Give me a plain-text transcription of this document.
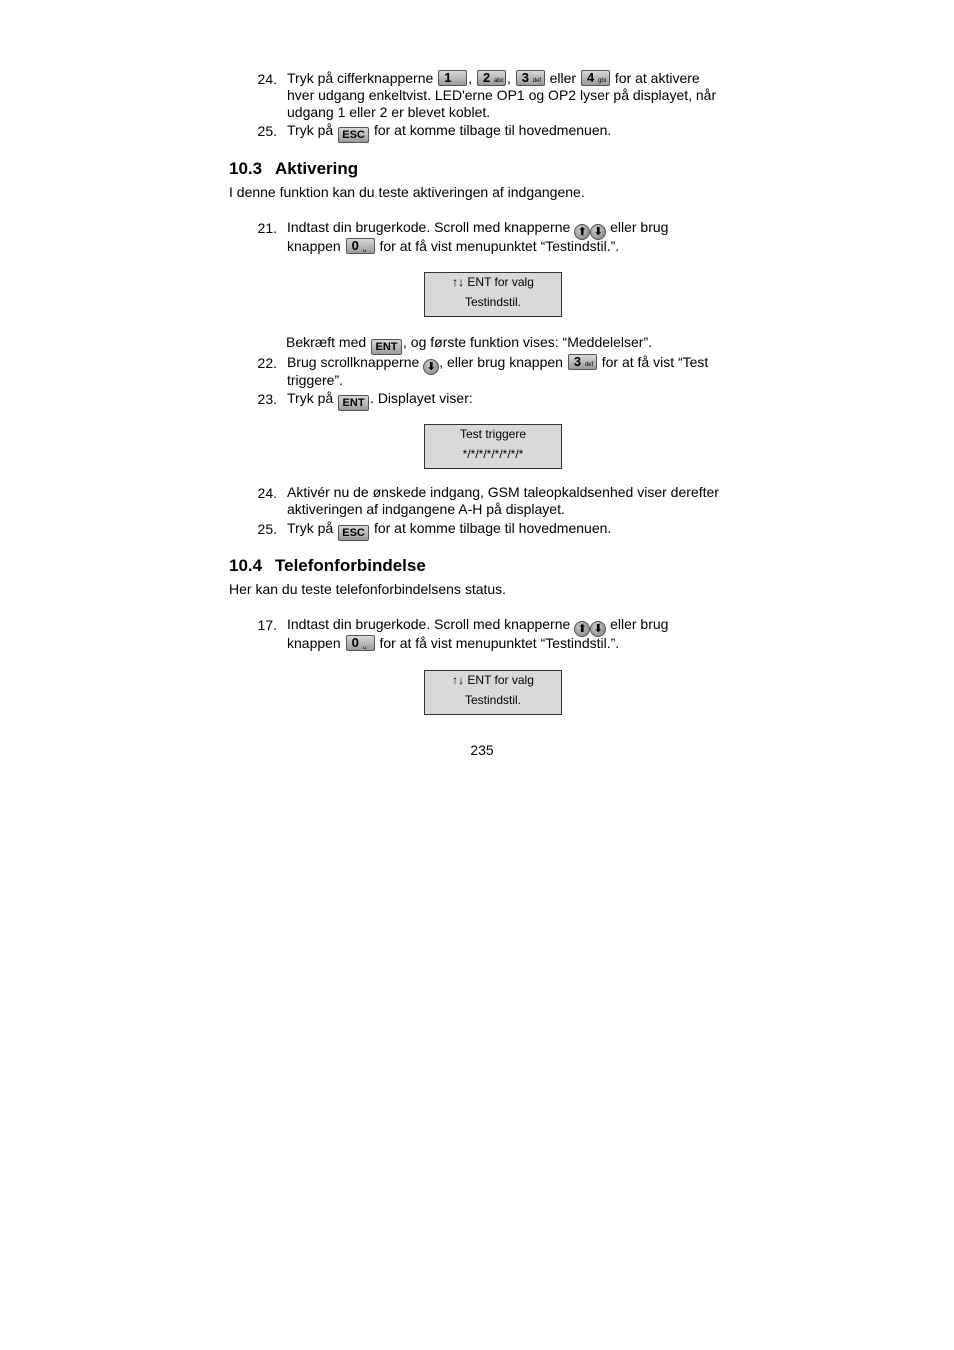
24. Tryk på cifferknapperne 1 , 2 abc , 3 def eller 4 ghi for at aktivere
hver udgang enkeltvist. LED'erne OP1 og OP2 lyser på displayet, når
udgang 1 eller 2 er blevet koblet.
25. Tryk på ESC for at komme tilbage til hovedmenuen.
10.3 Aktivering
I denne funktion kan du teste aktiveringen af indgangene.
21. Indtast din brugerkode. Scroll med knapperne ⬆ ⬇ eller brug
knappen 0 ␣ for at få vist menupunktet “Testindstil.”.
↑↓ ENT for valg
Testindstil.
Bekræft med ENT , og første funktion vises: “Meddelelser”.
22. Brug scrollknapperne ⬇ , eller brug knappen 3 def for at få vist “Test
triggere”.
23. Tryk på ENT . Displayet viser:
Test triggere
*/*/*/*/*/*/*/*
24. Aktivér nu de ønskede indgang, GSM taleopkaldsenhed viser derefter
aktiveringen af indgangene A-H på displayet.
25. Tryk på ESC for at komme tilbage til hovedmenuen.
10.4 Telefonforbindelse
Her kan du teste telefonforbindelsens status.
17. Indtast din brugerkode. Scroll med knapperne ⬆ ⬇ eller brug
knappen 0 ␣ for at få vist menupunktet “Testindstil.”.
↑↓ ENT for valg
Testindstil.
235
